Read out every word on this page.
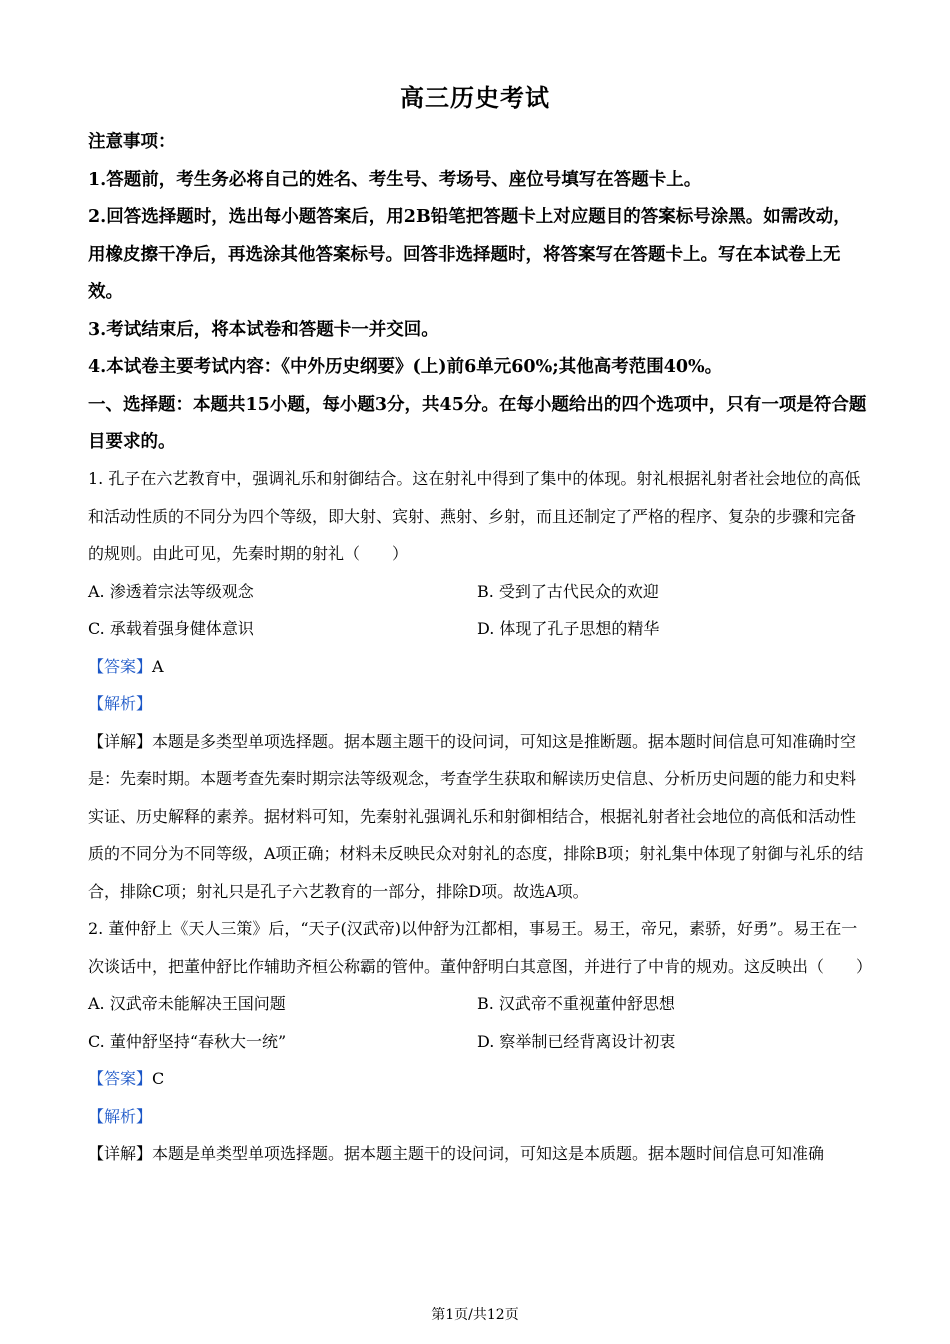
高三历史考试

注意事项：

1.答题前，考生务必将自己的姓名、考生号、考场号、座位号填写在答题卡上。

2.回答选择题时，选出每小题答案后，用2B铅笔把答题卡上对应题目的答案标号涂黑。如需改动，用橡皮擦干净后，再选涂其他答案标号。回答非选择题时，将答案写在答题卡上。写在本试卷上无效。

3.考试结束后，将本试卷和答题卡一并交回。

4.本试卷主要考试内容：《中外历史纲要》(上)前6单元60%;其他高考范围40%。

一、选择题：本题共15小题，每小题3分，共45分。在每小题给出的四个选项中，只有一项是符合题目要求的。

1. 孔子在六艺教育中，强调礼乐和射御结合。这在射礼中得到了集中的体现。射礼根据礼射者社会地位的高低和活动性质的不同分为四个等级，即大射、宾射、燕射、乡射，而且还制定了严格的程序、复杂的步骤和完备的规则。由此可见，先秦时期的射礼（　　）

A. 渗透着宗法等级观念	B. 受到了古代民众的欢迎
C. 承载着强身健体意识	D. 体现了孔子思想的精华

【答案】A

【解析】

【详解】本题是多类型单项选择题。据本题主题干的设问词，可知这是推断题。据本题时间信息可知准确时空是：先秦时期。本题考查先秦时期宗法等级观念，考查学生获取和解读历史信息、分析历史问题的能力和史料实证、历史解释的素养。据材料可知，先秦射礼强调礼乐和射御相结合，根据礼射者社会地位的高低和活动性质的不同分为不同等级，A项正确；材料未反映民众对射礼的态度，排除B项；射礼集中体现了射御与礼乐的结合，排除C项；射礼只是孔子六艺教育的一部分，排除D项。故选A项。

2. 董仲舒上《天人三策》后，“天子(汉武帝)以仲舒为江都相，事易王。易王，帝兄，素骄，好勇”。易王在一次谈话中，把董仲舒比作辅助齐桓公称霸的管仲。董仲舒明白其意图，并进行了中肯的规劝。这反映出（　　）

A. 汉武帝未能解决王国问题	B. 汉武帝不重视董仲舒思想
C. 董仲舒坚持“春秋大一统”	D. 察举制已经背离设计初衷

【答案】C

【解析】

【详解】本题是单类型单项选择题。据本题主题干的设问词，可知这是本质题。据本题时间信息可知准确

第1页/共12页
